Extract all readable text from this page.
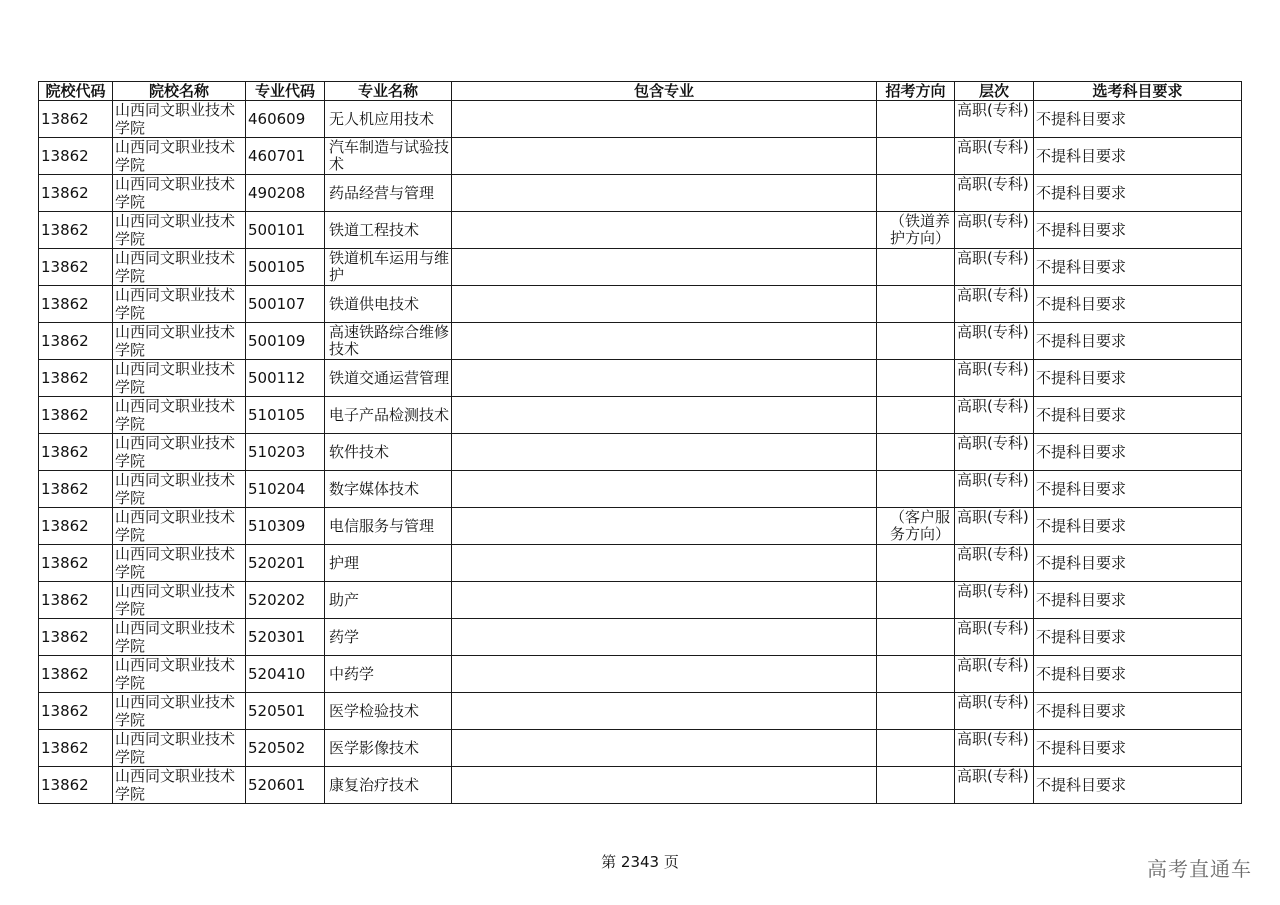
院校代码	院校名称	专业代码	专业名称	包含专业	招考方向	层次	选考科目要求
13862	山西同文职业技术学院	460609	无人机应用技术			高职(专科)	不提科目要求
13862	山西同文职业技术学院	460701	汽车制造与试验技术			高职(专科)	不提科目要求
13862	山西同文职业技术学院	490208	药品经营与管理			高职(专科)	不提科目要求
13862	山西同文职业技术学院	500101	铁道工程技术		（铁道养护方向）	高职(专科)	不提科目要求
13862	山西同文职业技术学院	500105	铁道机车运用与维护			高职(专科)	不提科目要求
13862	山西同文职业技术学院	500107	铁道供电技术			高职(专科)	不提科目要求
13862	山西同文职业技术学院	500109	高速铁路综合维修技术			高职(专科)	不提科目要求
13862	山西同文职业技术学院	500112	铁道交通运营管理			高职(专科)	不提科目要求
13862	山西同文职业技术学院	510105	电子产品检测技术			高职(专科)	不提科目要求
13862	山西同文职业技术学院	510203	软件技术			高职(专科)	不提科目要求
13862	山西同文职业技术学院	510204	数字媒体技术			高职(专科)	不提科目要求
13862	山西同文职业技术学院	510309	电信服务与管理		（客户服务方向）	高职(专科)	不提科目要求
13862	山西同文职业技术学院	520201	护理			高职(专科)	不提科目要求
13862	山西同文职业技术学院	520202	助产			高职(专科)	不提科目要求
13862	山西同文职业技术学院	520301	药学			高职(专科)	不提科目要求
13862	山西同文职业技术学院	520410	中药学			高职(专科)	不提科目要求
13862	山西同文职业技术学院	520501	医学检验技术			高职(专科)	不提科目要求
13862	山西同文职业技术学院	520502	医学影像技术			高职(专科)	不提科目要求
13862	山西同文职业技术学院	520601	康复治疗技术			高职(专科)	不提科目要求
第 2343 页	高考直通车
